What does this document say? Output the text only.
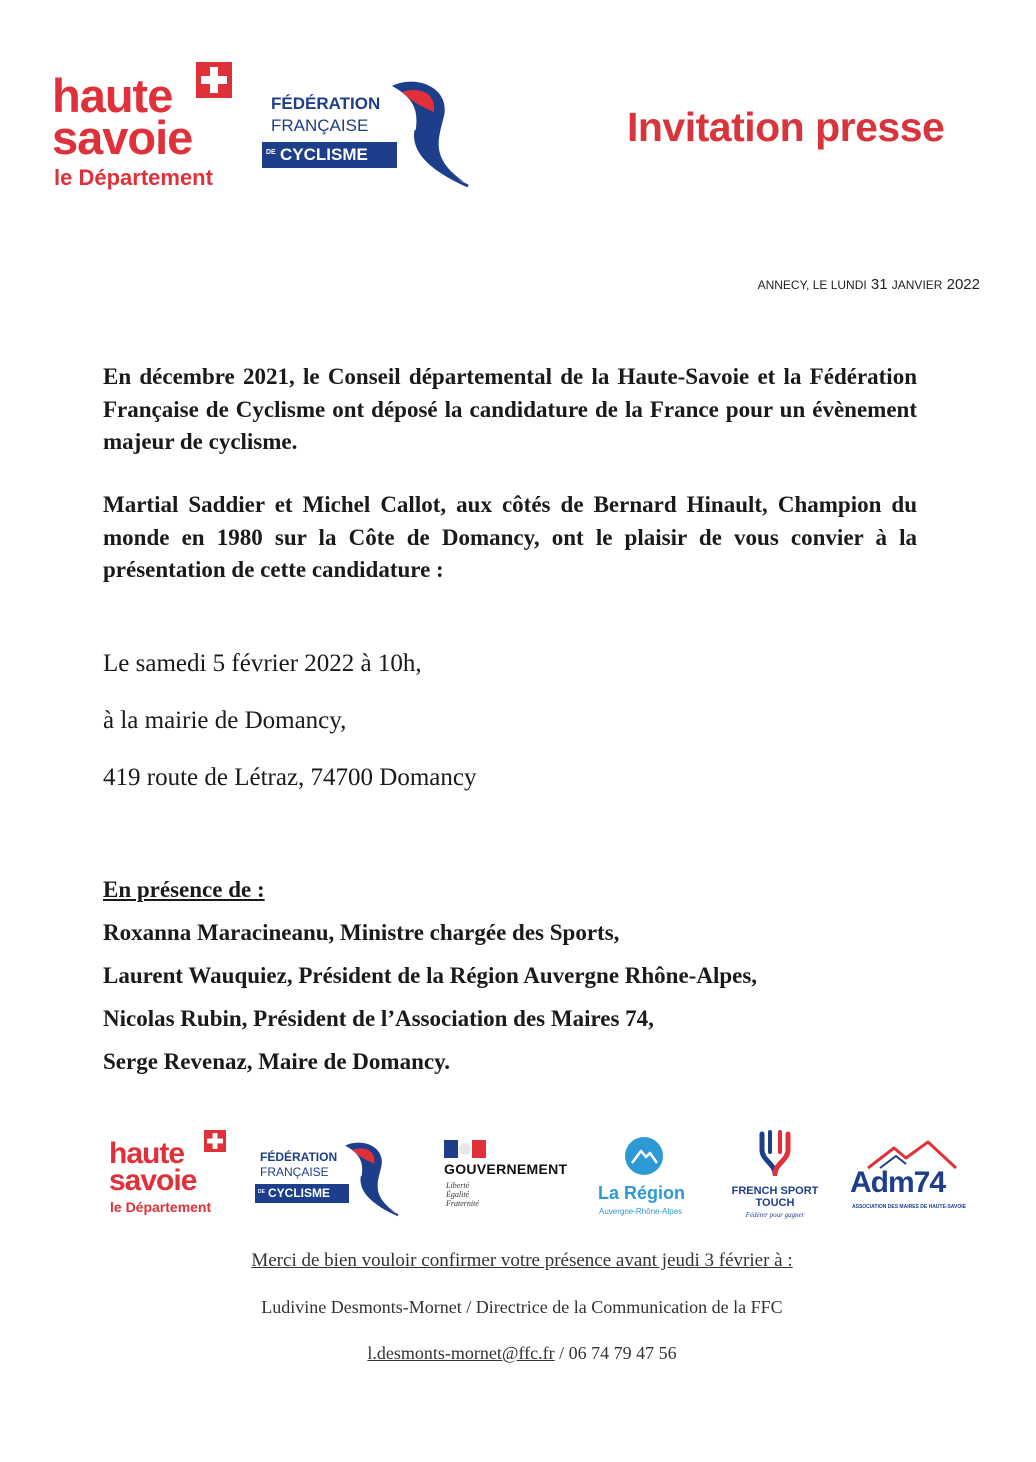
haute
savoie
le Département
FÉDÉRATION
FRANÇAISE
DE CYCLISME
Invitation presse
ANNECY, LE LUNDI 31 JANVIER 2022
En décembre 2021, le Conseil départemental de la Haute-Savoie et la Fédération Française de Cyclisme ont déposé la candidature de la France pour un évènement majeur de cyclisme.
Martial Saddier et Michel Callot, aux côtés de Bernard Hinault, Champion du monde en 1980 sur la Côte de Domancy, ont le plaisir de vous convier à la présentation de cette candidature :
Le samedi 5 février 2022 à 10h,
à la mairie de Domancy,
419 route de Létraz, 74700 Domancy
En présence de :
Roxanna Maracineanu, Ministre chargée des Sports,
Laurent Wauquiez, Président de la Région Auvergne Rhône-Alpes,
Nicolas Rubin, Président de l’Association des Maires 74,
Serge Revenaz, Maire de Domancy.
haute
savoie
le Département
FÉDÉRATION
FRANÇAISE
DE CYCLISME
GOUVERNEMENT
Liberté
Égalité
Fraternité
La Région
Auvergne-Rhône-Alpes
FRENCH SPORT
TOUCH
Fédérer pour gagner
Adm74
ASSOCIATION DES MAIRES DE HAUTE-SAVOIE
Merci de bien vouloir confirmer votre présence avant jeudi 3 février à :
Ludivine Desmonts-Mornet / Directrice de la Communication de la FFC
l.desmonts-mornet@ffc.fr / 06 74 79 47 56
